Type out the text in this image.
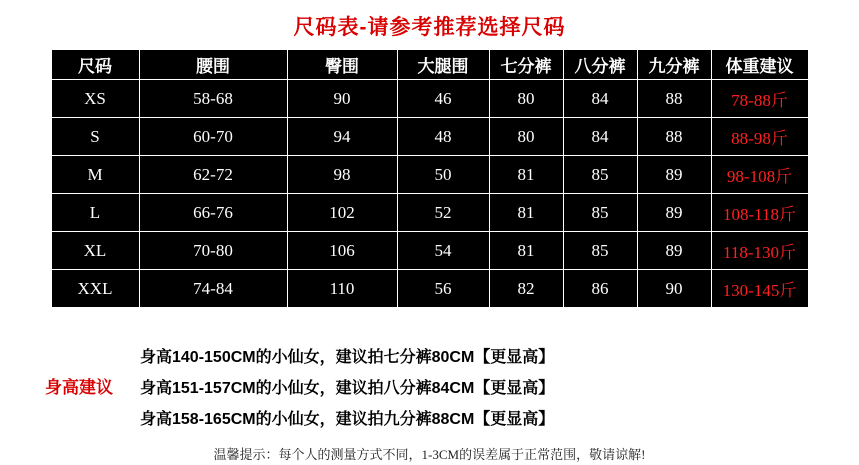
尺码表-请参考推荐选择尺码
尺码	腰围	臀围	大腿围	七分裤	八分裤	九分裤	体重建议
XS	58-68	90	46	80	84	88	78-88斤
S	60-70	94	48	80	84	88	88-98斤
M	62-72	98	50	81	85	89	98-108斤
L	66-76	102	52	81	85	89	108-118斤
XL	70-80	106	54	81	85	89	118-130斤
XXL	74-84	110	56	82	86	90	130-145斤
身高建议
身高140-150CM的小仙女，建议拍七分裤80CM【更显高】
身高151-157CM的小仙女，建议拍八分裤84CM【更显高】
身高158-165CM的小仙女，建议拍九分裤88CM【更显高】
温馨提示：每个人的测量方式不同，1-3CM的误差属于正常范围，敬请谅解!
